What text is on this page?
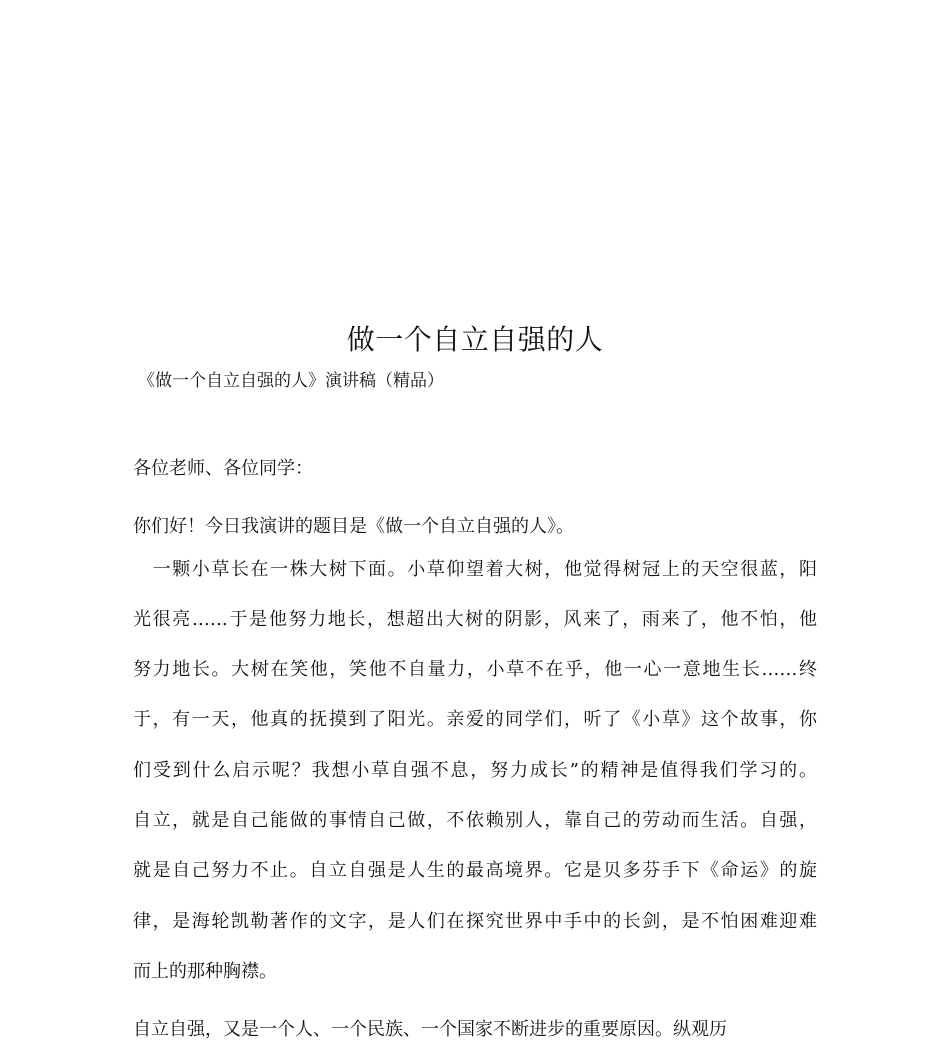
做一个自立自强的人
《做一个自立自强的人》演讲稿（精品）
各位老师、各位同学：
你们好！今日我演讲的题目是《做一个自立自强的人》。
　一颗小草长在一株大树下面。小草仰望着大树，他觉得树冠上的天空很蓝，阳
光很亮……于是他努力地长，想超出大树的阴影，风来了，雨来了，他不怕，他
努力地长。大树在笑他，笑他不自量力，小草不在乎，他一心一意地生长……终
于，有一天，他真的抚摸到了阳光。亲爱的同学们，听了《小草》这个故事，你
们受到什么启示呢？我想小草自强不息，努力成长”的精神是值得我们学习的。
自立，就是自己能做的事情自己做，不依赖别人，靠自己的劳动而生活。自强，
就是自己努力不止。自立自强是人生的最高境界。它是贝多芬手下《命运》的旋
律，是海轮凯勒著作的文字，是人们在探究世界中手中的长剑，是不怕困难迎难
而上的那种胸襟。
自立自强，又是一个人、一个民族、一个国家不断进步的重要原因。纵观历
